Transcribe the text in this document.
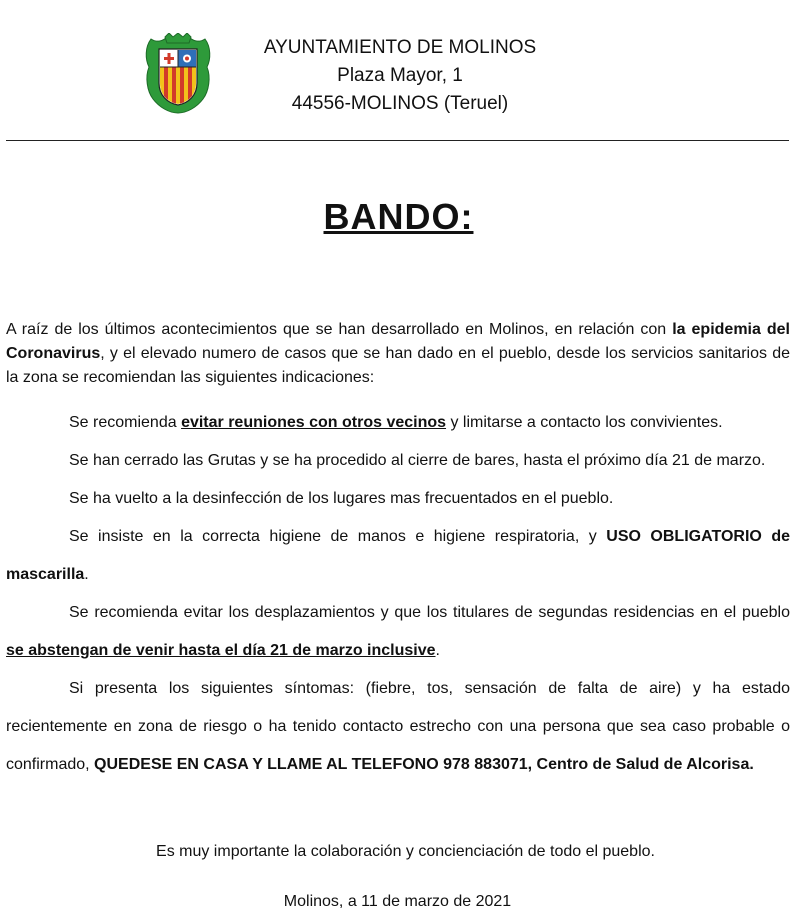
AYUNTAMIENTO DE MOLINOS
Plaza Mayor, 1
44556-MOLINOS (Teruel)
BANDO:

A raíz de los últimos acontecimientos que se han desarrollado en Molinos, en relación con la epidemia del Coronavirus, y el elevado numero de casos que se han dado en el pueblo, desde los servicios sanitarios de la zona se recomiendan las siguientes indicaciones:

Se recomienda evitar reuniones con otros vecinos y limitarse a contacto los convivientes.

Se han cerrado las Grutas y se ha procedido al cierre de bares, hasta el próximo día 21 de marzo.

Se ha vuelto a la desinfección de los lugares mas frecuentados en el pueblo.

Se insiste en la correcta higiene de manos e higiene respiratoria, y USO OBLIGATORIO de mascarilla.

Se recomienda evitar los desplazamientos y que los titulares de segundas residencias en el pueblo se abstengan de venir hasta el día 21 de marzo inclusive.

Si presenta los siguientes síntomas: (fiebre, tos, sensación de falta de aire) y ha estado recientemente en zona de riesgo o ha tenido contacto estrecho con una persona que sea caso probable o confirmado, QUEDESE EN CASA Y LLAME AL TELEFONO 978 883071, Centro de Salud de Alcorisa.

Es muy importante la colaboración y concienciación de todo el pueblo.
Molinos, a 11 de marzo de 2021
